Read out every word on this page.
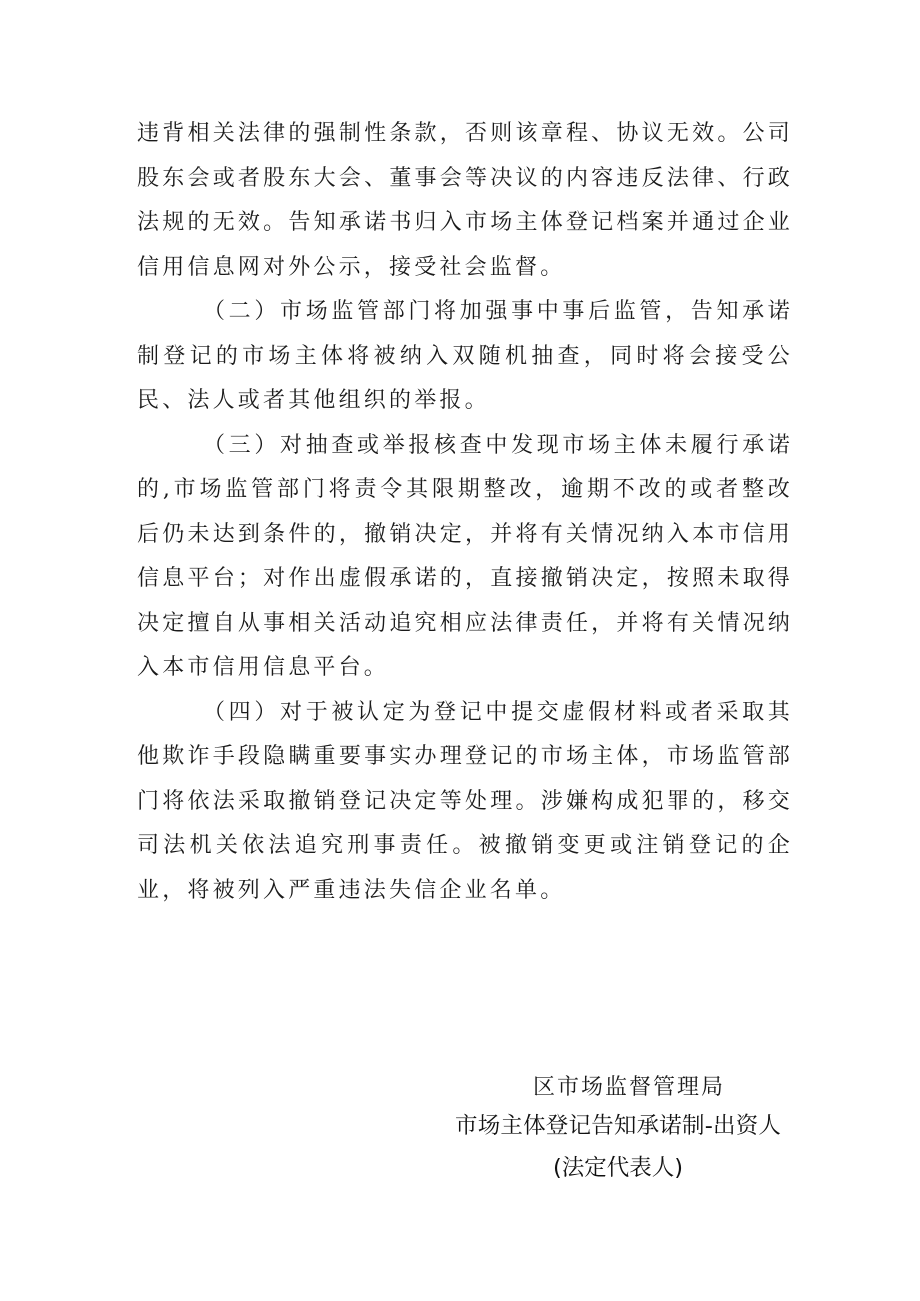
违背相关法律的强制性条款，否则该章程、协议无效。公司股东会或者股东大会、董事会等决议的内容违反法律、行政法规的无效。告知承诺书归入市场主体登记档案并通过企业信用信息网对外公示，接受社会监督。

（二）市场监管部门将加强事中事后监管，告知承诺制登记的市场主体将被纳入双随机抽查，同时将会接受公民、法人或者其他组织的举报。

（三）对抽查或举报核查中发现市场主体未履行承诺的,市场监管部门将责令其限期整改，逾期不改的或者整改后仍未达到条件的，撤销决定，并将有关情况纳入本市信用信息平台；对作出虚假承诺的，直接撤销决定，按照未取得决定擅自从事相关活动追究相应法律责任，并将有关情况纳入本市信用信息平台。

（四）对于被认定为登记中提交虚假材料或者采取其他欺诈手段隐瞒重要事实办理登记的市场主体，市场监管部门将依法采取撤销登记决定等处理。涉嫌构成犯罪的，移交司法机关依法追究刑事责任。被撤销变更或注销登记的企业，将被列入严重违法失信企业名单。

区市场监督管理局
市场主体登记告知承诺制-出资人
(法定代表人)
